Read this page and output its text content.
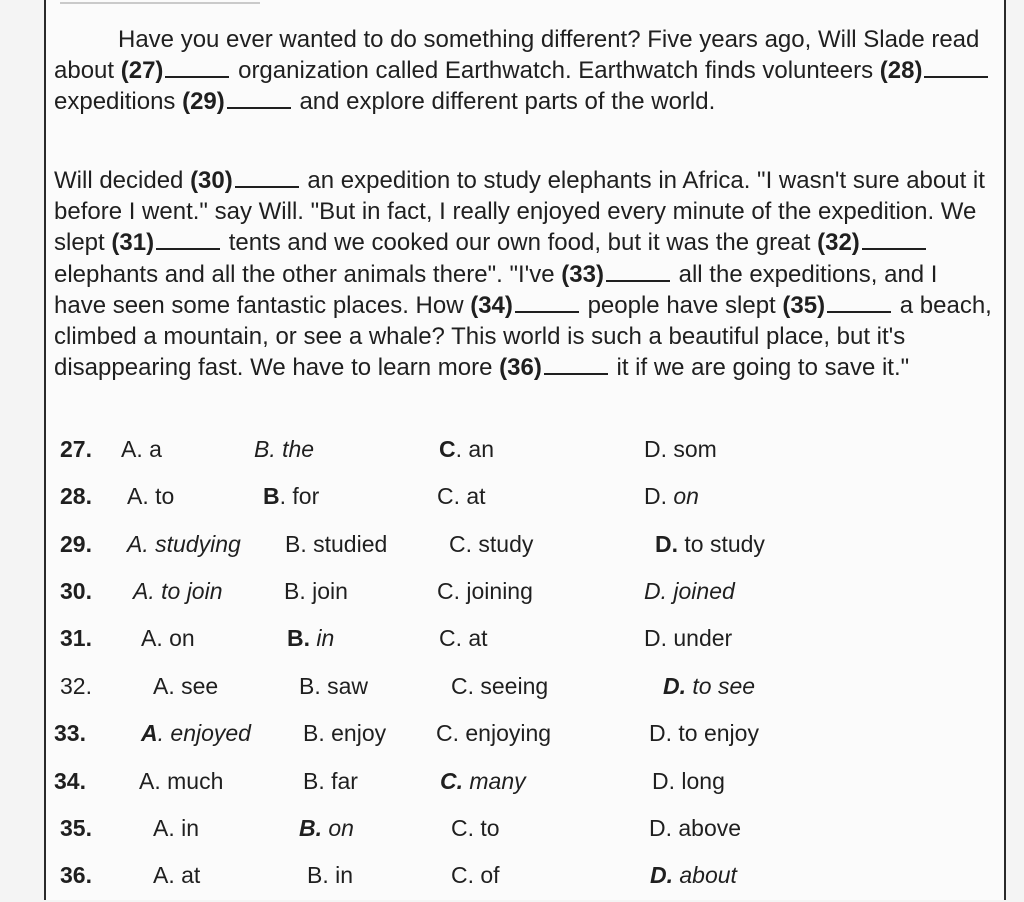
Have you ever wanted to do something different? Five years ago, Will Slade read about (27)	organization called Earthwatch. Earthwatch finds volunteers (28) expeditions (29)	and explore different parts of the world.

Will decided (30)	an expedition to study elephants in Africa. "I wasn't sure about it before I went." say Will. "But in fact, I really enjoyed every minute of the expedition. We slept (31)	tents and we cooked our own food, but it was the great (32) elephants and all the other animals there". "I've (33)	all the expeditions, and I have seen some fantastic places. How (34)	people have slept (35)	a beach, climbed a mountain, or see a whale? This world is such a beautiful place, but it's disappearing fast. We have to learn more (36)	it if we are going to save it."

27. A. a	B. the	C. an	D. som
28. A. to	B. for	C. at	D. on
29. A. studying B. studied	C. study	D. to study
30. A. to join	B. join	C. joining	D. joined
31. A. on	B. in	C. at	D. under
32.	A. see	B. saw	C. seeing	D. to see
33. A. enjoyed B. enjoy C. enjoying	D. to enjoy
34. A. much	B. far	C. many	D. long
35.	A. in	B. on	C. to	D. above
36.	A. at	B. in	C. of	D. about
